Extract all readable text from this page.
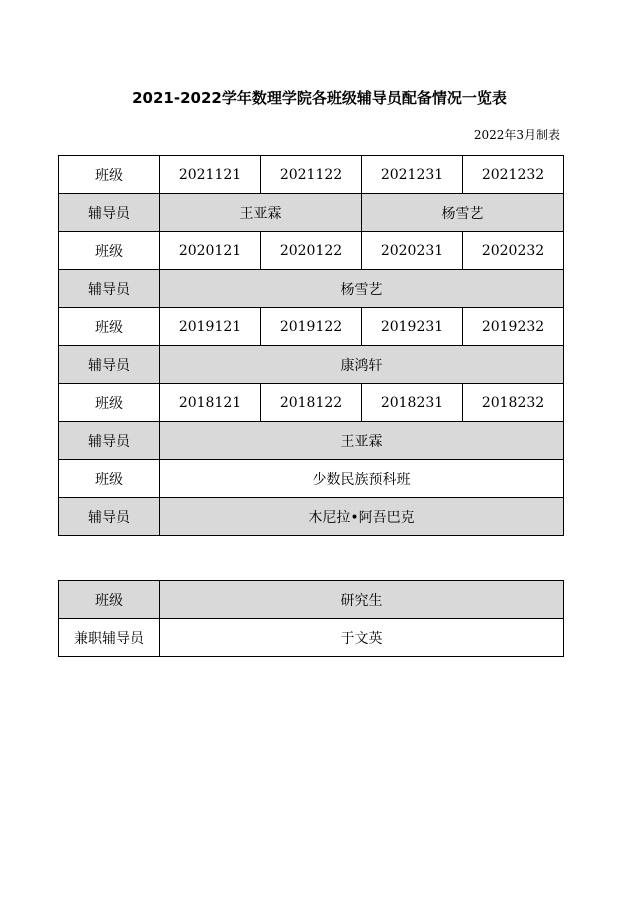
2021-2022学年数理学院各班级辅导员配备情况一览表
2022年3月制表
班级	2021121	2021122	2021231	2021232
辅导员	王亚霖		杨雪艺	
班级	2020121	2020122	2020231	2020232
辅导员	杨雪艺			
班级	2019121	2019122	2019231	2019232
辅导员	康鸿轩			
班级	2018121	2018122	2018231	2018232
辅导员	王亚霖			
班级	少数民族预科班			
辅导员	木尼拉•阿吾巴克			
班级	研究生
兼职辅导员	于文英
